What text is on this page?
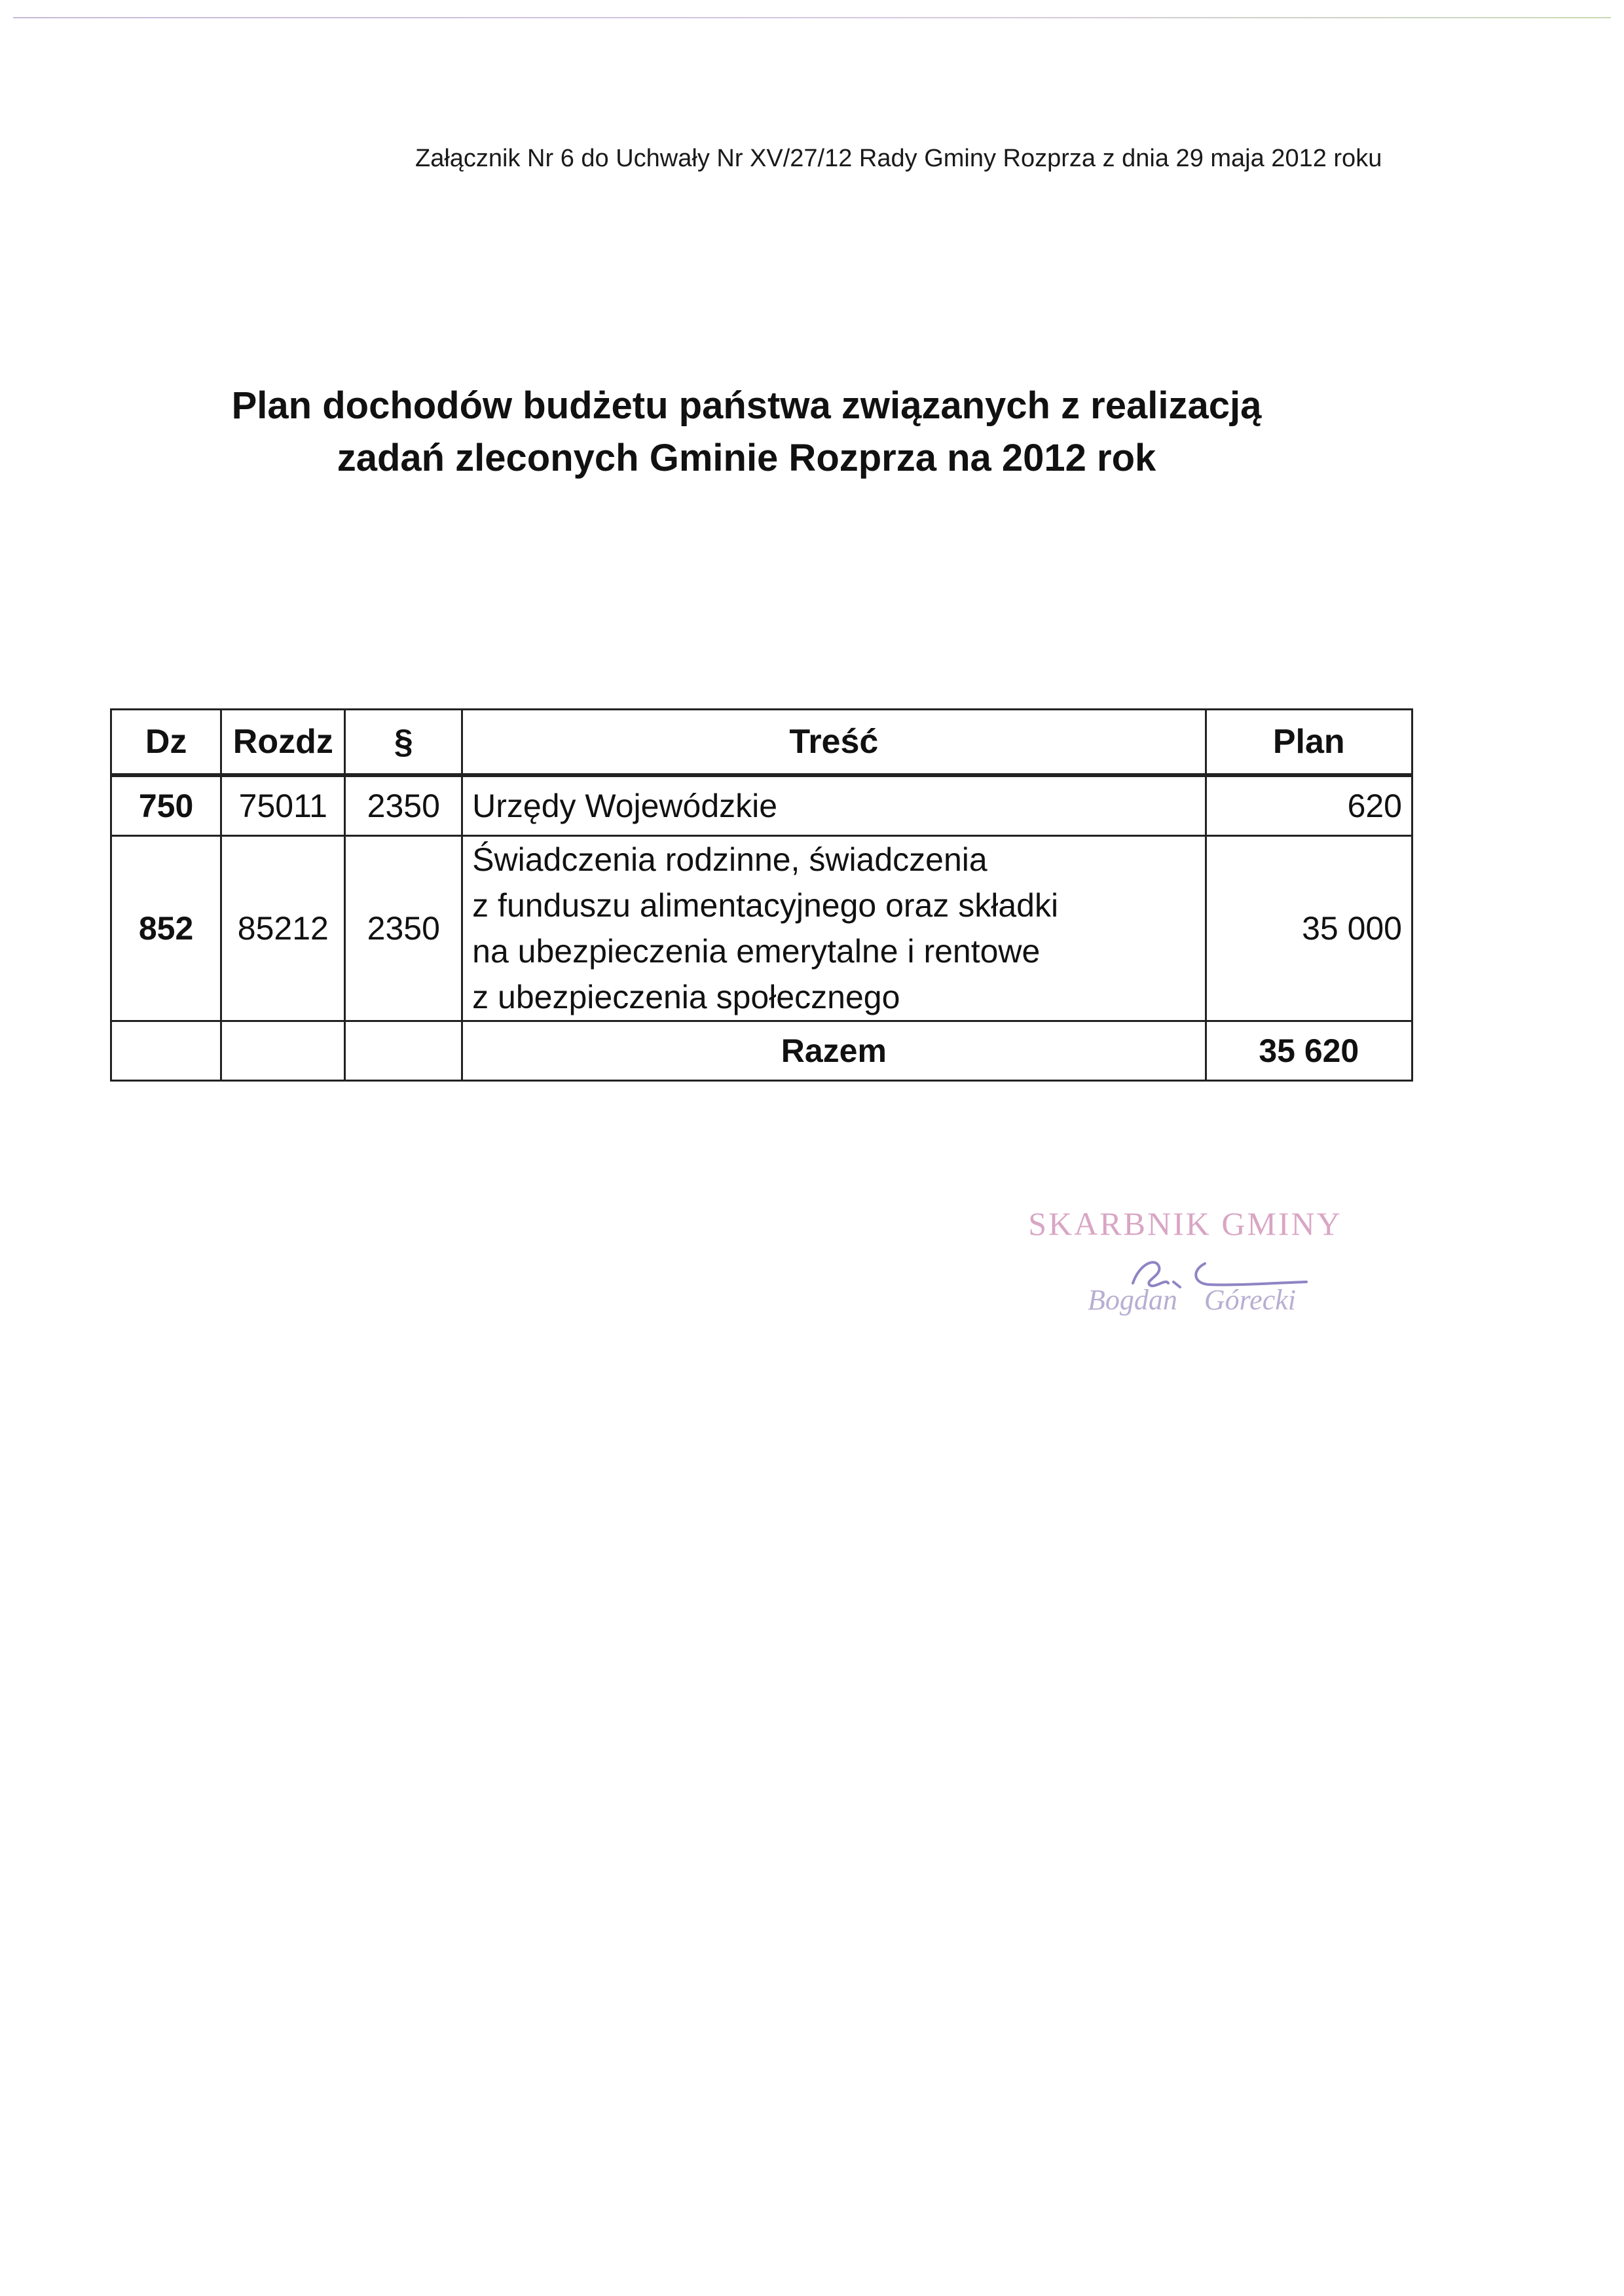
Załącznik Nr 6 do Uchwały Nr XV/27/12 Rady Gminy Rozprza z dnia 29 maja 2012 roku
Plan dochodów budżetu państwa związanych z realizacją
zadań zleconych Gminie Rozprza na 2012 rok
Dz	Rozdz	§	Treść	Plan
750	75011	2350	Urzędy Wojewódzkie	620
852	85212	2350	Świadczenia rodzinne, świadczenia
z funduszu alimentacyjnego oraz składki
na ubezpieczenia emerytalne i rentowe
z ubezpieczenia społecznego	35 000
			Razem	35 620
SKARBNIK GMINY
Bogdan Górecki
